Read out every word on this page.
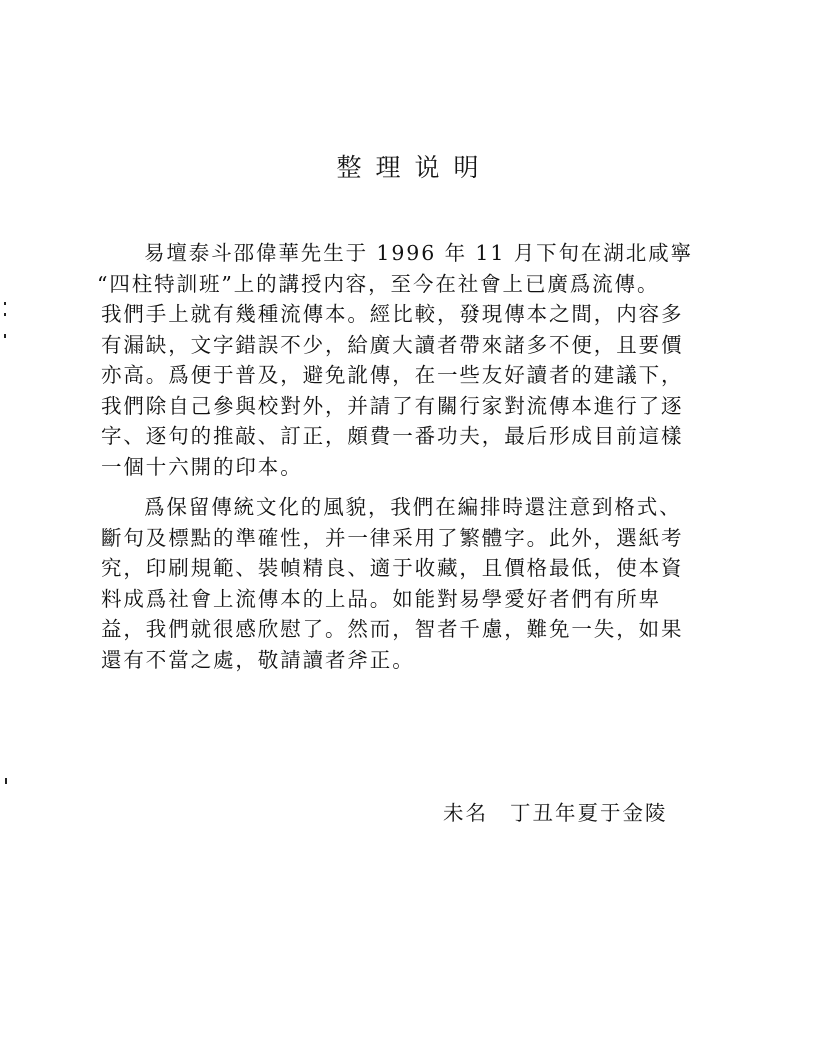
整理说明

易壇泰斗邵偉華先生于 1996 年 11 月下旬在湖北咸寧
“四柱特訓班”上的講授内容，至今在社會上已廣爲流傳。
我們手上就有幾種流傳本。經比較，發現傳本之間，内容多
有漏缺，文字錯誤不少，給廣大讀者帶來諸多不便，且要價
亦高。爲便于普及，避免訛傳，在一些友好讀者的建議下，
我們除自己參與校對外，并請了有關行家對流傳本進行了逐
字、逐句的推敲、訂正，頗費一番功夫，最后形成目前這樣
一個十六開的印本。

爲保留傳統文化的風貌，我們在編排時還注意到格式、
斷句及標點的準確性，并一律采用了繁體字。此外，選紙考
究，印刷規範、裝幀精良、適于收藏，且價格最低，使本資
料成爲社會上流傳本的上品。如能對易學愛好者們有所卑
益，我們就很感欣慰了。然而，智者千慮，難免一失，如果
還有不當之處，敬請讀者斧正。

未名 丁丑年夏于金陵
